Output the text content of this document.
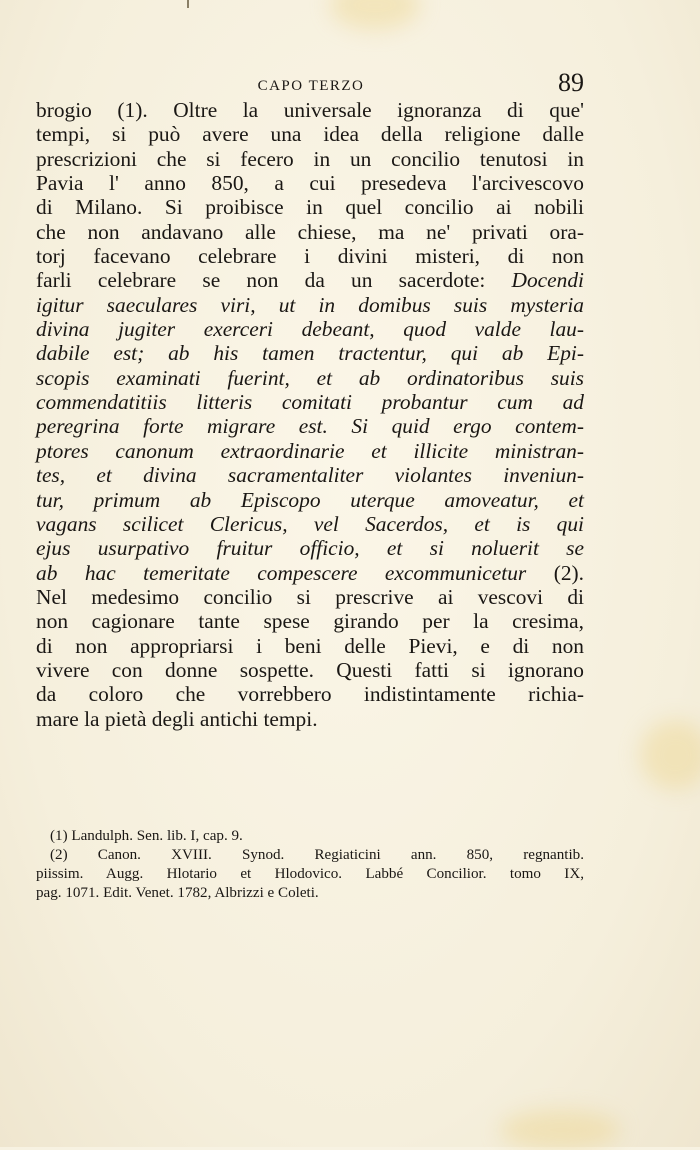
CAPO TERZO	89
brogio (1). Oltre la universale ignoranza di que'
tempi, si può avere una idea della religione dalle
prescrizioni che si fecero in un concilio tenutosi in
Pavia l' anno 850, a cui presedeva l'arcivescovo
di Milano. Si proibisce in quel concilio ai nobili
che non andavano alle chiese, ma ne' privati ora-
torj facevano celebrare i divini misteri, di non
farli celebrare se non da un sacerdote: Docendi
igitur saeculares viri, ut in domibus suis mysteria
divina jugiter exerceri debeant, quod valde lau-
dabile est; ab his tamen tractentur, qui ab Epi-
scopis examinati fuerint, et ab ordinatoribus suis
commendatitiis litteris comitati probantur cum ad
peregrina forte migrare est. Si quid ergo contem-
ptores canonum extraordinarie et illicite ministran-
tes, et divina sacramentaliter violantes inveniun-
tur, primum ab Episcopo uterque amoveatur, et
vagans scilicet Clericus, vel Sacerdos, et is qui
ejus usurpativo fruitur officio, et si noluerit se
ab hac temeritate compescere excommunicetur (2).
Nel medesimo concilio si prescrive ai vescovi di
non cagionare tante spese girando per la cresima,
di non appropriarsi i beni delle Pievi, e di non
vivere con donne sospette. Questi fatti si ignorano
da coloro che vorrebbero indistintamente richia-
mare la pietà degli antichi tempi.
(1) Landulph. Sen. lib. I, cap. 9.
(2) Canon. XVIII. Synod. Regiaticini ann. 850, regnantib.
piissim. Augg. Hlotario et Hlodovico. Labbé Concilior. tomo IX,
pag. 1071. Edit. Venet. 1782, Albrizzi e Coleti.
